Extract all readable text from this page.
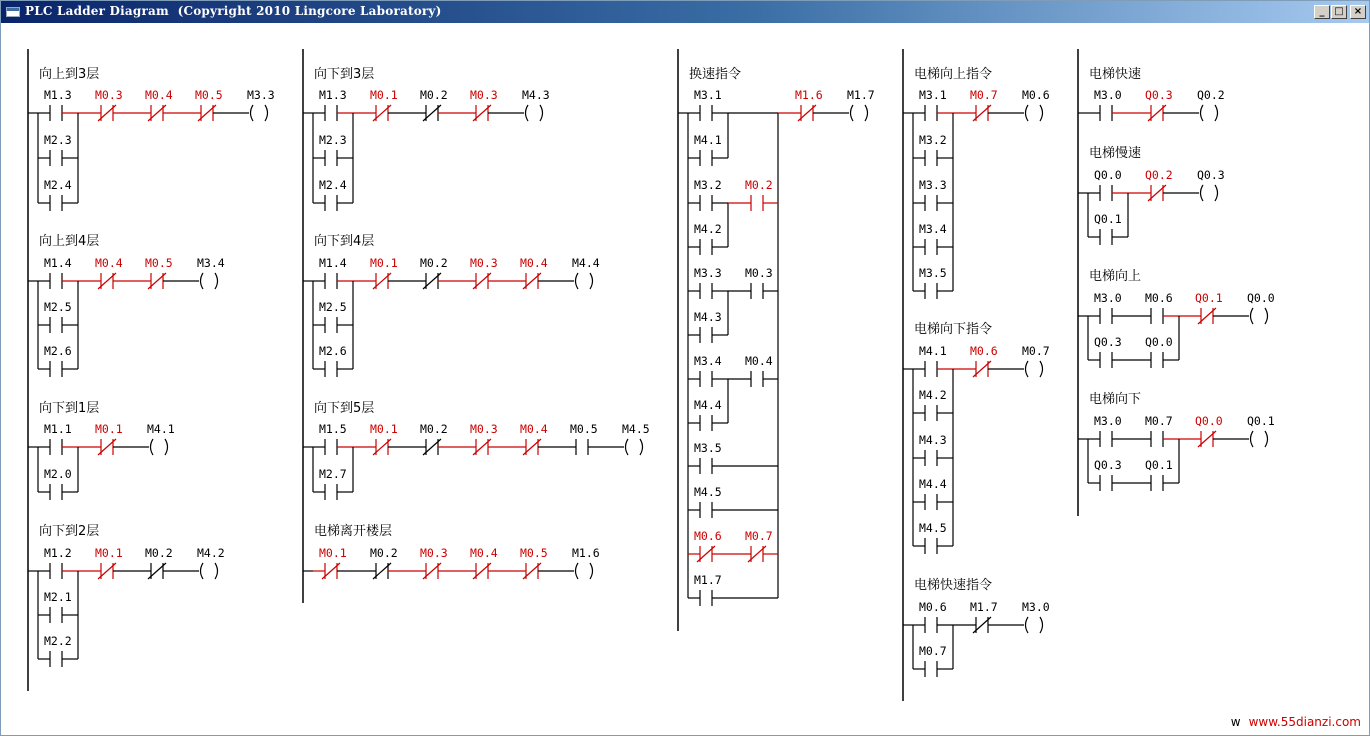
PLC Ladder Diagram  (Copyright 2010 Lingcore Laboratory)	_ □	×
向上到3层
M1.3 M0.3 M0.4 M0.5 M3.3
M2.3
M2.4
向上到4层
M1.4 M0.4 M0.5 M3.4
M2.5
M2.6
向下到1层
M1.1 M0.1 M4.1
M2.0
向下到2层
M1.2 M0.1 M0.2 M4.2
M2.1
M2.2
向下到3层
M1.3 M0.1 M0.2 M0.3 M4.3
M2.3
M2.4
向下到4层
M1.4 M0.1 M0.2 M0.3 M0.4 M4.4
M2.5
M2.6
向下到5层
M1.5 M0.1 M0.2 M0.3 M0.4 M0.5 M4.5
M2.7
电梯离开楼层
M0.1 M0.2 M0.3 M0.4 M0.5 M1.6
电梯向上指令
M3.1 M0.7 M0.6
M3.2
M3.3
M3.4
M3.5
电梯向下指令
M4.1 M0.6 M0.7
M4.2
M4.3
M4.4
M4.5
电梯快速指令
M0.6 M1.7 M3.0
M0.7
电梯快速
M3.0 Q0.3 Q0.2
电梯慢速
Q0.0 Q0.2 Q0.3
Q0.1
电梯向上
M3.0 M0.6 Q0.1 Q0.0
Q0.3 Q0.0
电梯向下
M3.0 M0.7 Q0.0 Q0.1
Q0.3 Q0.1
换速指令
M1.6 M1.7
M3.1
M4.1
M3.2
M4.2
M0.2
M3.3
M4.3
M0.3
M3.4
M4.4
M0.4
M3.5
M4.5
M0.6 M0.7
M1.7
w www.55dianzi.com
